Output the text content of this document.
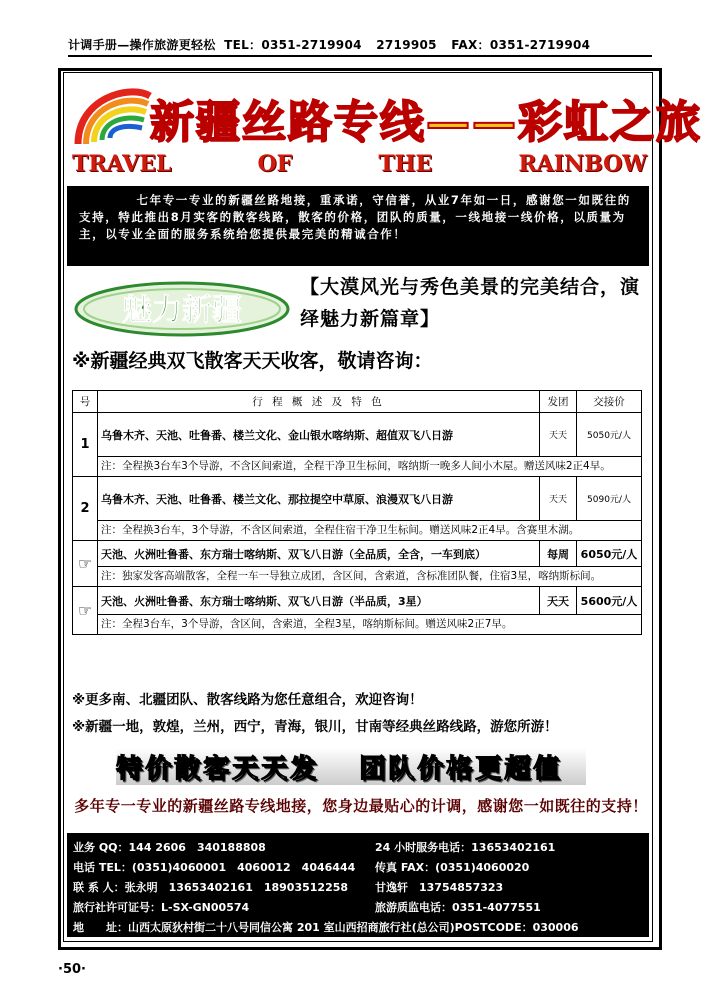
计调手册—操作旅游更轻松 TEL：0351-2719904 2719905 FAX：0351-2719904
新疆丝路专线——彩虹之旅
TRAVEL	OF	THE	RAINBOW
七年专一专业的新疆丝路地接，重承诺，守信誉，从业7年如一日，感谢您一如既往的支持，特此推出8月实客的散客线路，散客的价格，团队的质量，一线地接一线价格，以质量为主，以专业全面的服务系统给您提供最完美的精诚合作！
魅力新疆
【大漠风光与秀色美景的完美结合，演绎魅力新篇章】
※新疆经典双飞散客天天收客，敬请咨询：
号	行 程 概 述 及 特 色	发团	交接价
1	乌鲁木齐、天池、吐鲁番、楼兰文化、金山银水喀纳斯、超值双飞八日游	天天	5050元/人
	注：全程换3台车3个导游，不含区间索道，全程干净卫生标间，喀纳斯一晚多人间小木屋。赠送风味2正4早。		
2	乌鲁木齐、天池、吐鲁番、楼兰文化、那拉提空中草原、浪漫双飞八日游	天天	5090元/人
	注：全程换3台车，3个导游，不含区间索道，全程住宿干净卫生标间。赠送风味2正4早。含赛里木湖。		
☞	天池、火洲吐鲁番、东方瑞士喀纳斯、双飞八日游（全品质，全含，一车到底）	每周	6050元/人
	注：独家发客高端散客，全程一车一导独立成团，含区间，含索道，含标准团队餐，住宿3星，喀纳斯标间。		
☞	天池、火洲吐鲁番、东方瑞士喀纳斯、双飞八日游（半品质，3星）	天天	5600元/人
	注：全程3台车，3个导游，含区间，含索道，全程3星，喀纳斯标间。赠送风味2正7早。		
※更多南、北疆团队、散客线路为您任意组合，欢迎咨询！
※新疆一地，敦煌，兰州，西宁，青海，银川，甘南等经典丝路线路，游您所游！
特价散客天天发 团队价格更超值
多年专一专业的新疆丝路专线地接，您身边最贴心的计调，感谢您一如既往的支持！
业务 QQ：144 2606　340188808
电话 TEL：(0351)4060001　4060012　4046444
联 系 人：张永明　13653402161　18903512258
旅行社许可证号：L-SX-GN00574
24 小时服务电话：13653402161
传真 FAX：(0351)4060020
甘逸轩　13754857323
旅游质监电话：0351-4077551
地　　址：山西太原狄村街二十八号同信公寓 201 室山西招商旅行社(总公司)POSTCODE：030006
·50·
